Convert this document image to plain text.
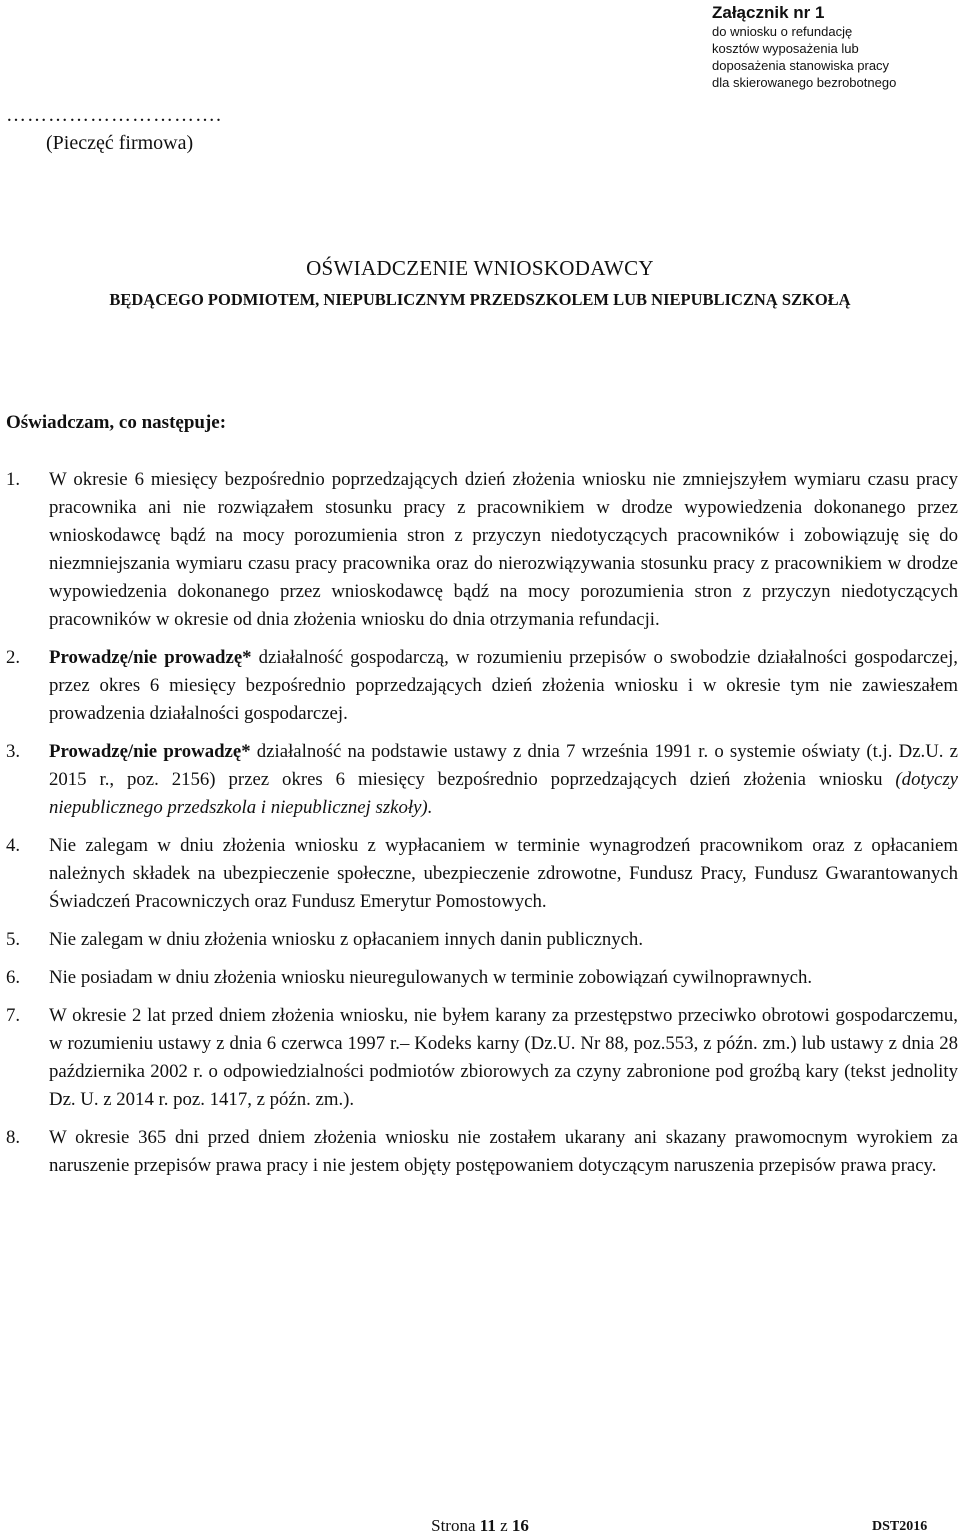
Załącznik nr 1
do wniosku o refundację
kosztów wyposażenia lub
doposażenia stanowiska pracy
dla skierowanego bezrobotnego
………………………….
(Pieczęć firmowa)
OŚWIADCZENIE WNIOSKODAWCY
BĘDĄCEGO PODMIOTEM, NIEPUBLICZNYM PRZEDSZKOLEM LUB NIEPUBLICZNĄ SZKOŁĄ
Oświadczam, co następuje:
1.	W okresie 6 miesięcy bezpośrednio poprzedzających dzień złożenia wniosku nie zmniejszyłem wymiaru czasu pracy pracownika ani nie rozwiązałem stosunku pracy z pracownikiem w drodze wypowiedzenia dokonanego przez wnioskodawcę bądź na mocy porozumienia stron z przyczyn niedotyczących pracowników i zobowiązuję się do niezmniejszania wymiaru czasu pracy pracownika oraz do nierozwiązywania stosunku pracy z pracownikiem w drodze wypowiedzenia dokonanego przez wnioskodawcę bądź na mocy porozumienia stron z przyczyn niedotyczących pracowników w okresie od dnia złożenia wniosku do dnia otrzymania refundacji.
2.	Prowadzę/nie prowadzę* działalność gospodarczą, w rozumieniu przepisów o swobodzie działalności gospodarczej, przez okres 6 miesięcy bezpośrednio poprzedzających dzień złożenia wniosku i w okresie tym nie zawieszałem prowadzenia działalności gospodarczej.
3.	Prowadzę/nie prowadzę* działalność na podstawie ustawy z dnia 7 września 1991 r. o systemie oświaty (t.j. Dz.U. z 2015 r., poz. 2156) przez okres 6 miesięcy bezpośrednio poprzedzających dzień złożenia wniosku (dotyczy niepublicznego przedszkola i niepublicznej szkoły).
4.	Nie zalegam w dniu złożenia wniosku z wypłacaniem w terminie wynagrodzeń pracownikom oraz z opłacaniem należnych składek na ubezpieczenie społeczne, ubezpieczenie zdrowotne, Fundusz Pracy, Fundusz Gwarantowanych Świadczeń Pracowniczych oraz Fundusz Emerytur Pomostowych.
5.	Nie zalegam w dniu złożenia wniosku z opłacaniem innych danin publicznych.
6.	Nie posiadam w dniu złożenia wniosku nieuregulowanych w terminie zobowiązań cywilnoprawnych.
7.	W okresie 2 lat przed dniem złożenia wniosku, nie byłem karany za przestępstwo przeciwko obrotowi gospodarczemu, w rozumieniu ustawy z dnia 6 czerwca 1997 r.– Kodeks karny (Dz.U. Nr 88, poz.553, z późn. zm.) lub ustawy z dnia 28 października 2002 r. o odpowiedzialności podmiotów zbiorowych za czyny zabronione pod groźbą kary (tekst jednolity Dz. U. z 2014 r. poz. 1417, z późn. zm.).
8.	W okresie 365 dni przed dniem złożenia wniosku nie zostałem ukarany ani skazany prawomocnym wyrokiem za naruszenie przepisów prawa pracy i nie jestem objęty postępowaniem dotyczącym naruszenia przepisów prawa pracy.
Strona 11 z 16	DST2016
